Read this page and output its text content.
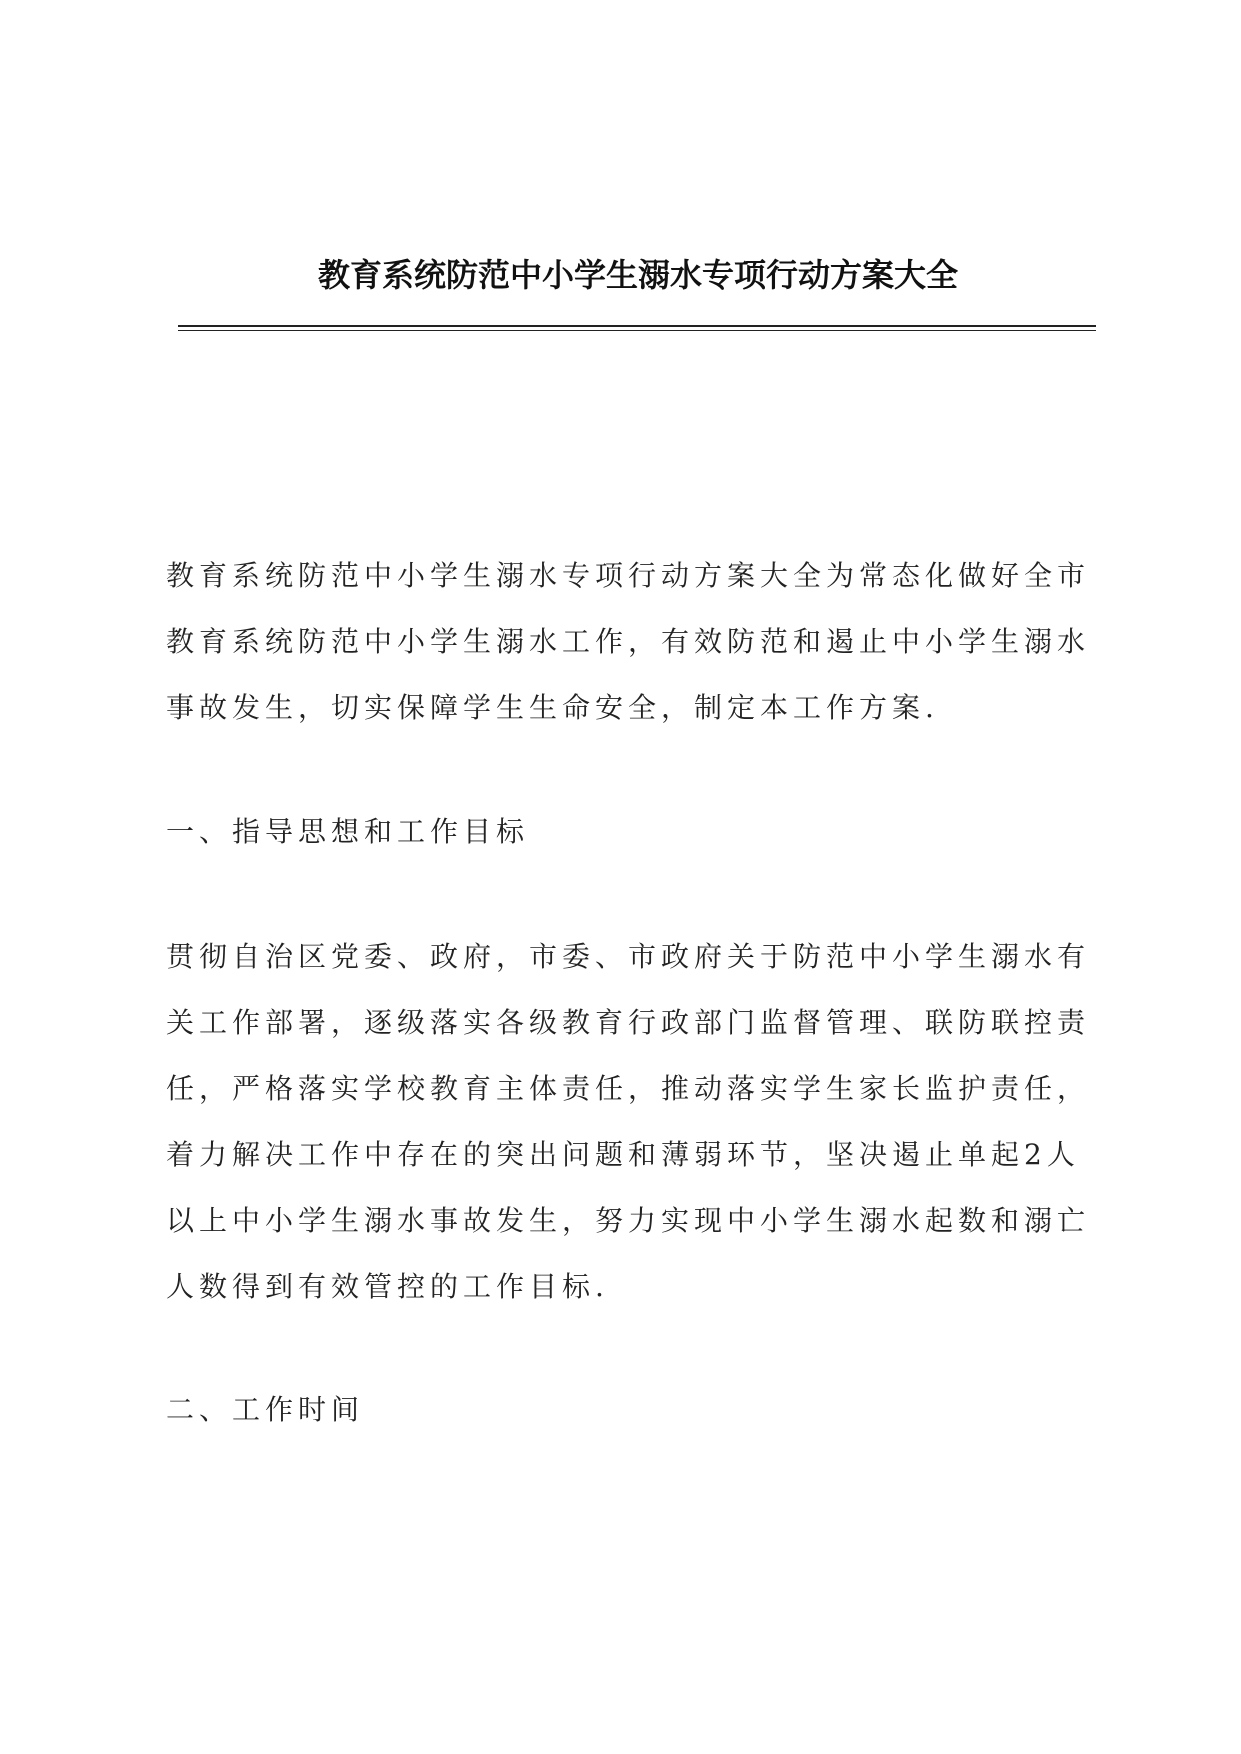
教育系统防范中小学生溺水专项行动方案大全

教育系统防范中小学生溺水专项行动方案大全为常态化做好全市教育系统防范中小学生溺水工作，有效防范和遏止中小学生溺水事故发生，切实保障学生生命安全，制定本工作方案.

一、指导思想和工作目标

贯彻自治区党委、政府，市委、市政府关于防范中小学生溺水有关工作部署，逐级落实各级教育行政部门监督管理、联防联控责任，严格落实学校教育主体责任，推动落实学生家长监护责任，着力解决工作中存在的突出问题和薄弱环节，坚决遏止单起2人以上中小学生溺水事故发生，努力实现中小学生溺水起数和溺亡人数得到有效管控的工作目标.

二、工作时间
